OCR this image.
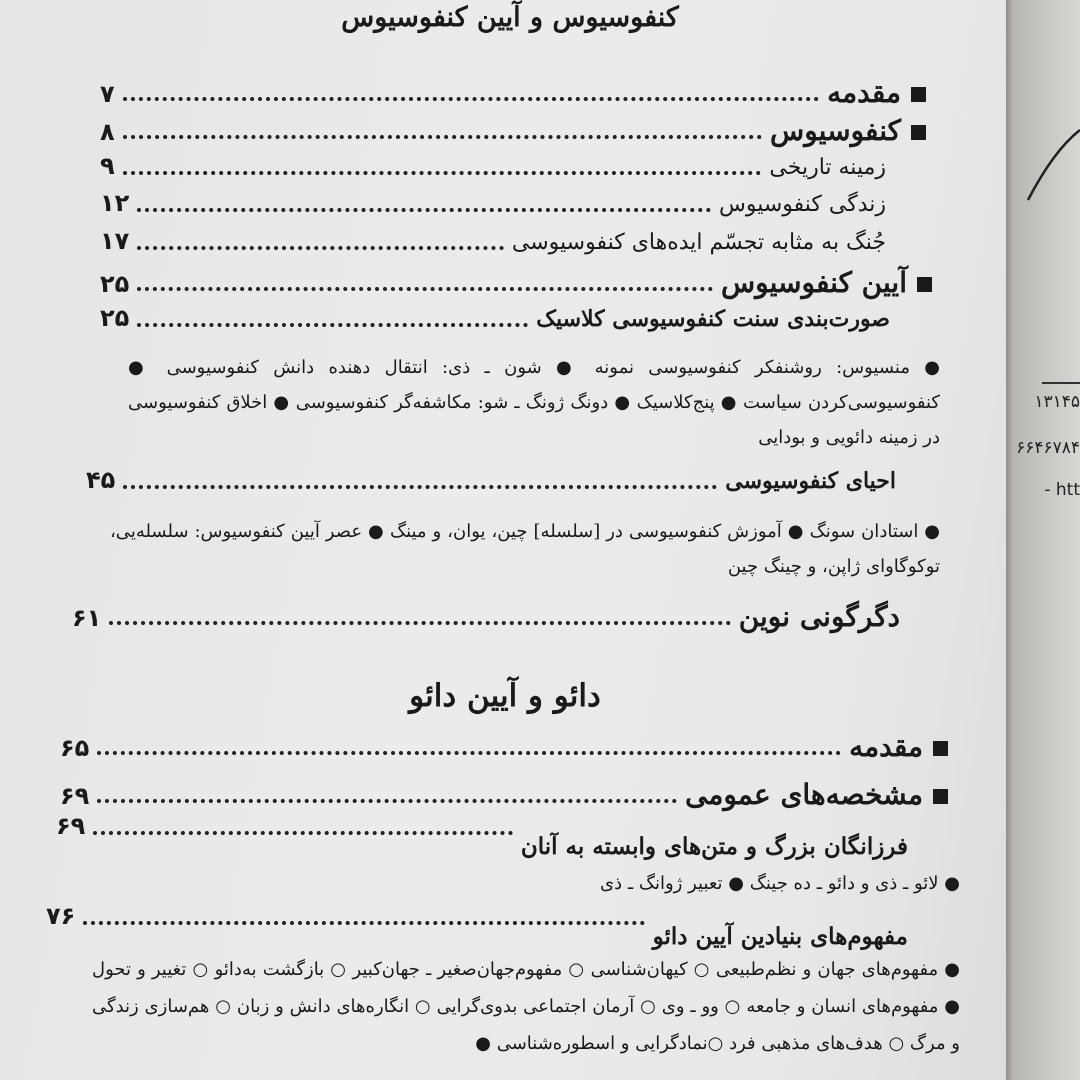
کنفوسیوس و آیین کنفوسیوس
مقدمه
۷
کنفوسیوس
۸
زمینه تاریخی
۹
زندگی کنفوسیوس
۱۲
جُنگ به مثابه تجسّم ایده‌های کنفوسیوسی
۱۷
آیین کنفوسیوس
۲۵
صورت‌بندی سنت کنفوسیوسی کلاسیک
۲۵
● منسیوس: روشنفکر کنفوسیوسی نمونه ● شون ـ ذی: انتقال دهنده دانش کنفوسیوسی ● کنفوسیوسی‌کردن سیاست ● پنج‌کلاسیک ● دونگ ژونگ ـ شو: مکاشفه‌گر کنفوسیوسی ● اخلاق کنفوسیوسی در زمینه دائویی و بودایی
احیای کنفوسیوسی
۴۵
● استادان سونگ ● آموزش کنفوسیوسی در [سلسله] چین، یوان، و مینگ ● عصر آیین کنفوسیوس: سلسله‌یی، توکوگاوای ژاپن، و چینگ چین
دگرگونی نوین
۶۱
دائو و آیین دائو
مقدمه
۶۵
مشخصه‌های عمومی
۶۹
فرزانگان بزرگ و متن‌های وابسته به آنان
۶۹
● لائو ـ ذی و دائو ـ ده جینگ ● تعبیر ژوانگ ـ ذی
مفهوم‌های بنیادین آیین دائو
۷۶
● مفهوم‌های جهان و نظم‌طبیعی ○ کیهان‌شناسی ○ مفهوم‌جهان‌صغیر ـ جهان‌کبیر ○ بازگشت به‌دائو ○ تغییر و تحول ● مفهوم‌های انسان و جامعه ○ وو ـ وی ○ آرمان اجتماعی بدوی‌گرایی ○ انگاره‌های دانش و زبان ○ هم‌سازی زندگی و مرگ ○ هدف‌های مذهبی فرد ○نمادگرایی و اسطوره‌شناسی ●
۱۳۱۴۵
۶۶۴۶۷۸۴
- htt
